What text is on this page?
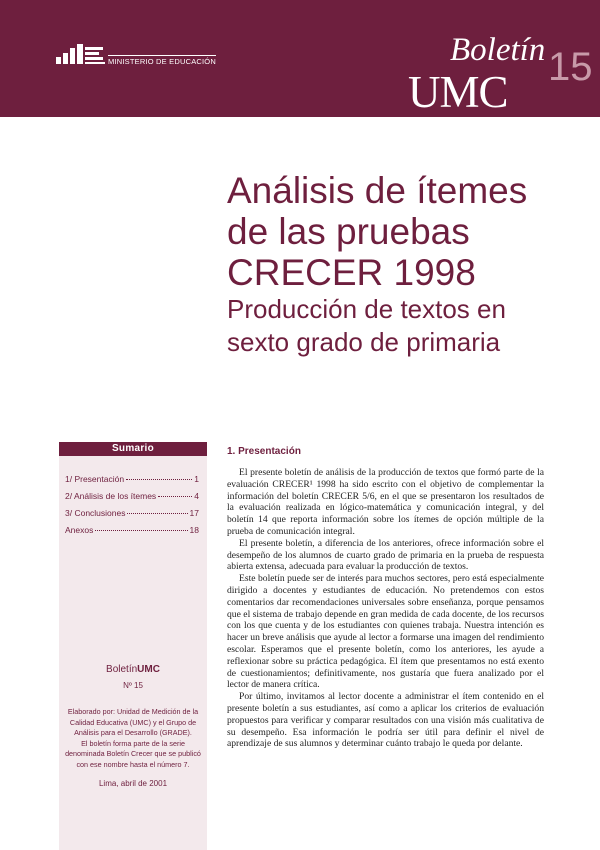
MINISTERIO DE EDUCACIÓN	Boletín
UMC 15
Análisis de ítemes
de las pruebas
CRECER 1998
Producción de textos en
sexto grado de primaria
Sumario
1/ Presentación	1
2/ Análisis de los ítemes	4
3/ Conclusiones	17
Anexos	18
BoletínUMC
Nº 15
Elaborado por: Unidad de Medición de la Calidad Educativa (UMC) y el Grupo de Análisis para el Desarrollo (GRADE).
El boletín forma parte de la serie denominada Boletín Crecer que se publicó con ese nombre hasta el número 7.
Lima, abril de 2001
1. Presentación

El presente boletín de análisis de la producción de textos que formó parte de la evaluación CRECER¹ 1998 ha sido escrito con el objetivo de complementar la información del boletín CRECER 5/6, en el que se presentaron los resultados de la evaluación realizada en lógico-matemática y comunicación integral, y del boletín 14 que reporta información sobre los ítemes de opción múltiple de la prueba de comunicación integral.

El presente boletín, a diferencia de los anteriores, ofrece información sobre el desempeño de los alumnos de cuarto grado de primaria en la prueba de respuesta abierta extensa, adecuada para evaluar la producción de textos.

Este boletín puede ser de interés para muchos sectores, pero está especialmente dirigido a docentes y estudiantes de educación. No pretendemos con estos comentarios dar recomendaciones universales sobre enseñanza, porque pensamos que el sistema de trabajo depende en gran medida de cada docente, de los recursos con los que cuenta y de los estudiantes con quienes trabaja. Nuestra intención es hacer un breve análisis que ayude al lector a formarse una imagen del rendimiento escolar. Esperamos que el presente boletín, como los anteriores, les ayude a reflexionar sobre su práctica pedagógica. El ítem que presentamos no está exento de cuestionamientos; definitivamente, nos gustaría que fuera analizado por el lector de manera crítica.

Por último, invitamos al lector docente a administrar el ítem contenido en el presente boletín a sus estudiantes, así como a aplicar los criterios de evaluación propuestos para verificar y comparar resultados con una visión más cualitativa de su desempeño. Esa información le podría ser útil para definir el nivel de aprendizaje de sus alumnos y determinar cuánto trabajo le queda por delante.
